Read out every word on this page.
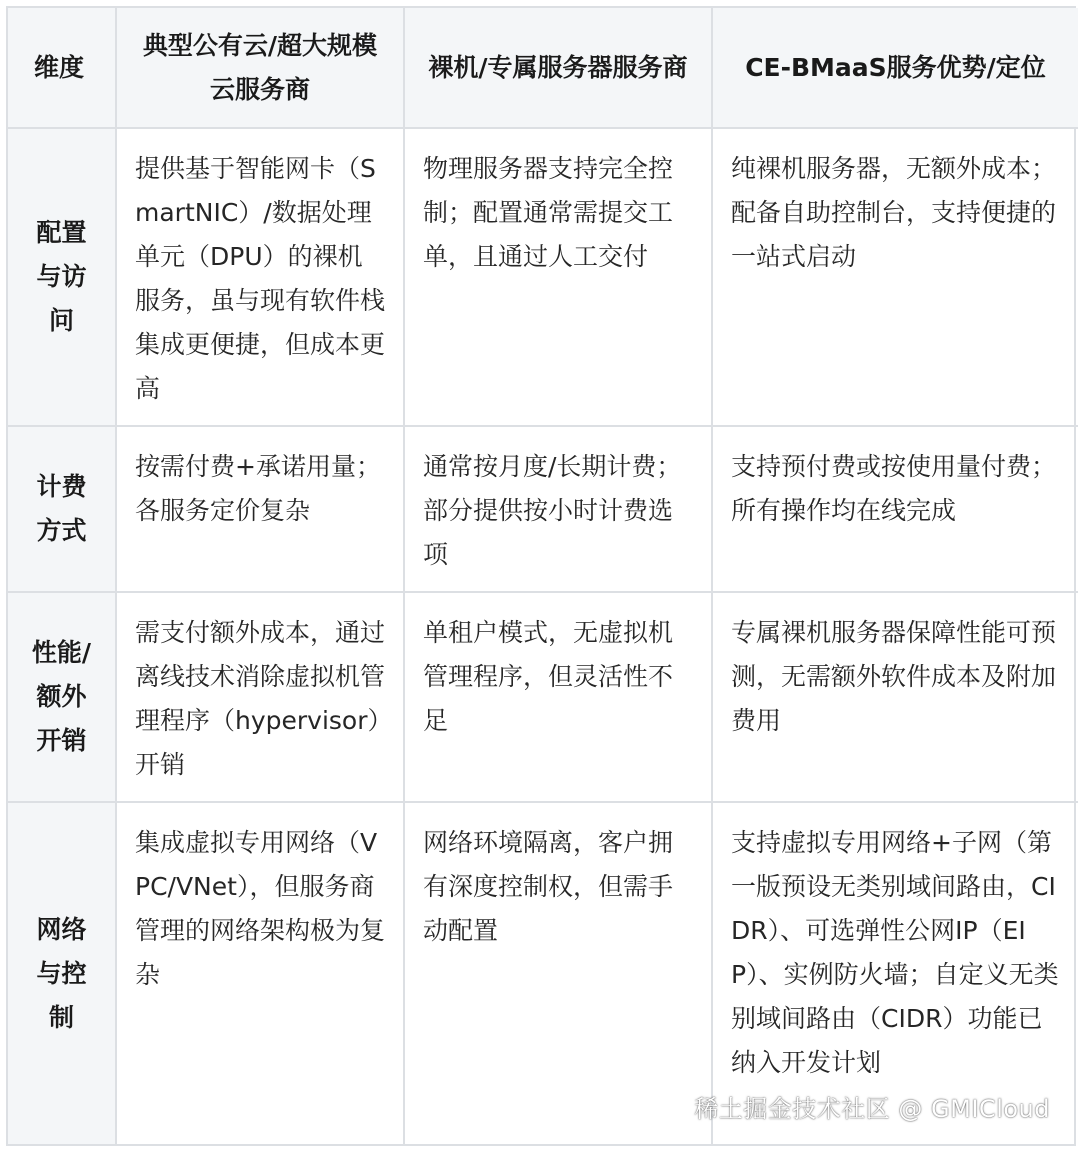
维度	典型公有云/超大规模云服务商	裸机/专属服务器服务商	CE-BMaaS服务优势/定位
配置与访问	提供基于智能网卡（SmartNIC）/数据处理单元（DPU）的裸机服务，虽与现有软件栈集成更便捷，但成本更高	物理服务器支持完全控制；配置通常需提交工单，且通过人工交付	纯裸机服务器，无额外成本；配备自助控制台，支持便捷的一站式启动
计费方式	按需付费+承诺用量；各服务定价复杂	通常按月度/长期计费；部分提供按小时计费选项	支持预付费或按使用量付费；所有操作均在线完成
性能/额外开销	需支付额外成本，通过离线技术消除虚拟机管理程序（hypervisor）开销	单租户模式，无虚拟机管理程序，但灵活性不足	专属裸机服务器保障性能可预测，无需额外软件成本及附加费用
网络与控制	集成虚拟专用网络（VPC/VNet），但服务商管理的网络架构极为复杂	网络环境隔离，客户拥有深度控制权，但需手动配置	支持虚拟专用网络+子网（第一版预设无类别域间路由，CIDR）、可选弹性公网IP（EIP）、实例防火墙；自定义无类别域间路由（CIDR）功能已纳入开发计划
稀土掘金技术社区 @ GMICloud
